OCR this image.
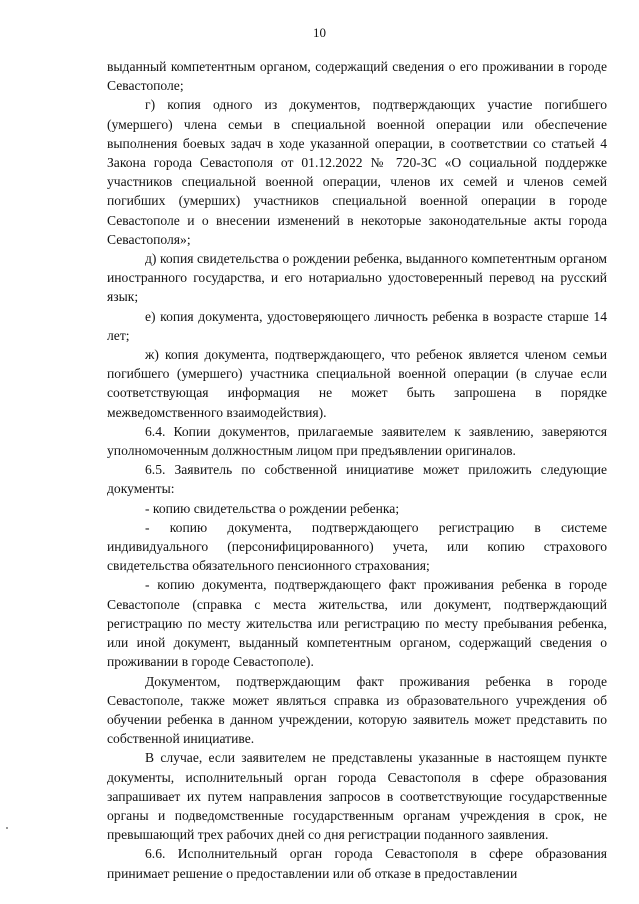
10

выданный компетентным органом, содержащий сведения о его проживании в городе Севастополе;

г) копия одного из документов, подтверждающих участие погибшего (умершего) члена семьи в специальной военной операции или обеспечение выполнения боевых задач в ходе указанной операции, в соответствии со статьей 4 Закона города Севастополя от 01.12.2022 № 720-ЗС «О социальной поддержке участников специальной военной операции, членов их семей и членов семей погибших (умерших) участников специальной военной операции в городе Севастополе и о внесении изменений в некоторые законодательные акты города Севастополя»;

д) копия свидетельства о рождении ребенка, выданного компетентным органом иностранного государства, и его нотариально удостоверенный перевод на русский язык;

е) копия документа, удостоверяющего личность ребенка в возрасте старше 14 лет;

ж) копия документа, подтверждающего, что ребенок является членом семьи погибшего (умершего) участника специальной военной операции (в случае если соответствующая информация не может быть запрошена в порядке межведомственного взаимодействия).

6.4. Копии документов, прилагаемые заявителем к заявлению, заверяются уполномоченным должностным лицом при предъявлении оригиналов.

6.5. Заявитель по собственной инициативе может приложить следующие документы:

- копию свидетельства о рождении ребенка;

- копию документа, подтверждающего регистрацию в системе индивидуального (персонифицированного) учета, или копию страхового свидетельства обязательного пенсионного страхования;

- копию документа, подтверждающего факт проживания ребенка в городе Севастополе (справка с места жительства, или документ, подтверждающий регистрацию по месту жительства или регистрацию по месту пребывания ребенка, или иной документ, выданный компетентным органом, содержащий сведения о проживании в городе Севастополе).

Документом, подтверждающим факт проживания ребенка в городе Севастополе, также может являться справка из образовательного учреждения об обучении ребенка в данном учреждении, которую заявитель может представить по собственной инициативе.

В случае, если заявителем не представлены указанные в настоящем пункте документы, исполнительный орган города Севастополя в сфере образования запрашивает их путем направления запросов в соответствующие государственные органы и подведомственные государственным органам учреждения в срок, не превышающий трех рабочих дней со дня регистрации поданного заявления.

6.6. Исполнительный орган города Севастополя в сфере образования принимает решение о предоставлении или об отказе в предоставлении
